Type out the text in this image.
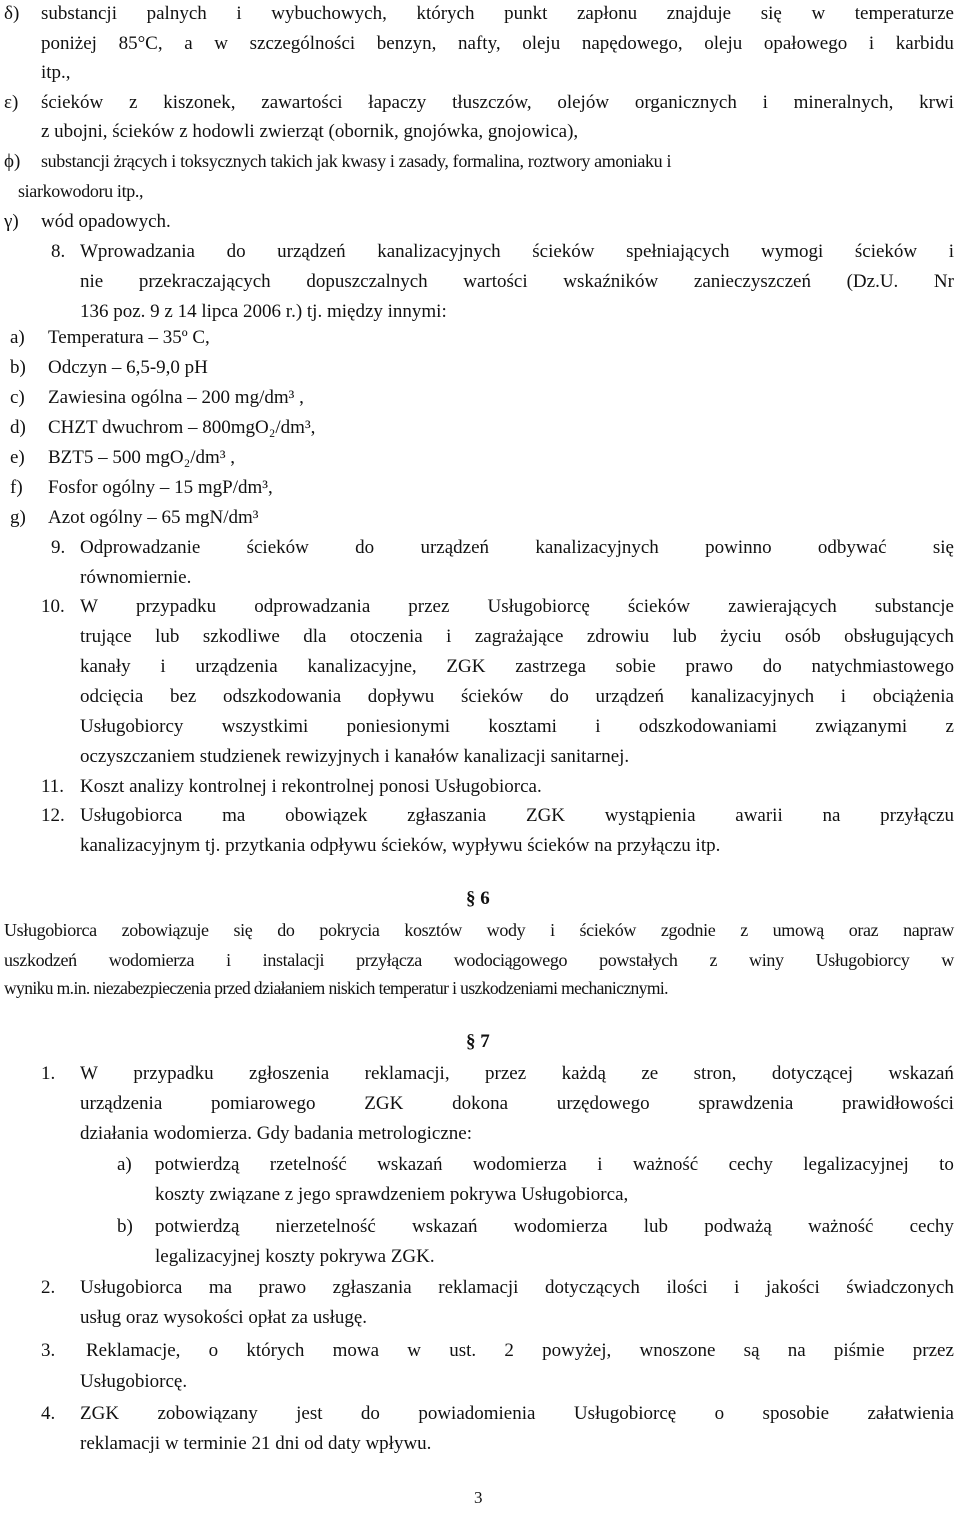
δ) substancji palnych i wybuchowych, których punkt zapłonu znajduje się w temperaturze
poniżej 85°C, a w szczególności benzyn, nafty, oleju napędowego, oleju opałowego i karbidu
itp.,
ε) ścieków z kiszonek, zawartości łapaczy tłuszczów, olejów organicznych i mineralnych, krwi
z ubojni, ścieków z hodowli zwierząt (obornik, gnojówka, gnojowica),
ϕ) substancji żrących i toksycznych takich jak kwasy i zasady, formalina, roztwory amoniaku i
siarkowodoru itp.,
γ) wód opadowych.
8. Wprowadzania do urządzeń kanalizacyjnych ścieków spełniających wymogi ścieków i
nie przekraczających dopuszczalnych wartości wskaźników zanieczyszczeń (Dz.U. Nr
136 poz. 9 z 14 lipca 2006 r.) tj. między innymi:
a) Temperatura – 35º C,
b) Odczyn – 6,5-9,0 pH
c) Zawiesina ogólna – 200 mg/dm³ ,
d) CHZT dwuchrom – 800mgO₂/dm³,
e) BZT5 – 500 mgO₂/dm³ ,
f) Fosfor ogólny – 15 mgP/dm³,
g) Azot ogólny – 65 mgN/dm³
9. Odprowadzanie ścieków do urządzeń kanalizacyjnych powinno odbywać się
równomiernie.
10. W przypadku odprowadzania przez Usługobiorcę ścieków zawierających substancje
trujące lub szkodliwe dla otoczenia i zagrażające zdrowiu lub życiu osób obsługujących
kanały i urządzenia kanalizacyjne, ZGK zastrzega sobie prawo do natychmiastowego
odcięcia bez odszkodowania dopływu ścieków do urządzeń kanalizacyjnych i obciążenia
Usługobiorcy wszystkimi poniesionymi kosztami i odszkodowaniami związanymi z
oczyszczaniem studzienek rewizyjnych i kanałów kanalizacji sanitarnej.
11. Koszt analizy kontrolnej i rekontrolnej ponosi Usługobiorca.
12. Usługobiorca ma obowiązek zgłaszania ZGK wystąpienia awarii na przyłączu
kanalizacyjnym tj. przytkania odpływu ścieków, wypływu ścieków na przyłączu itp.
§ 6
Usługobiorca zobowiązuje się do pokrycia kosztów wody i ścieków zgodnie z umową oraz napraw
uszkodzeń wodomierza i instalacji przyłącza wodociągowego powstałych z winy Usługobiorcy w
wyniku m.in. niezabezpieczenia przed działaniem niskich temperatur i uszkodzeniami mechanicznymi.
§ 7
1. W przypadku zgłoszenia reklamacji, przez każdą ze stron, dotyczącej wskazań
urządzenia	pomiarowego	ZGK	dokona	urzędowego	sprawdzenia	prawidłowości
działania wodomierza. Gdy badania metrologiczne:
a) potwierdzą rzetelność wskazań wodomierza i ważność cechy legalizacyjnej to
koszty związane z jego sprawdzeniem pokrywa Usługobiorca,
b) potwierdzą nierzetelność wskazań wodomierza lub podważą ważność cechy
legalizacyjnej koszty pokrywa ZGK.
2. Usługobiorca ma prawo zgłaszania reklamacji dotyczących ilości i jakości świadczonych
usług oraz wysokości opłat za usługę.
3. Reklamacje, o których mowa w ust. 2 powyżej, wnoszone są na piśmie przez
Usługobiorcę.
4. ZGK zobowiązany jest do powiadomienia Usługobiorcę o sposobie załatwienia
reklamacji w terminie 21 dni od daty wpływu.
3
